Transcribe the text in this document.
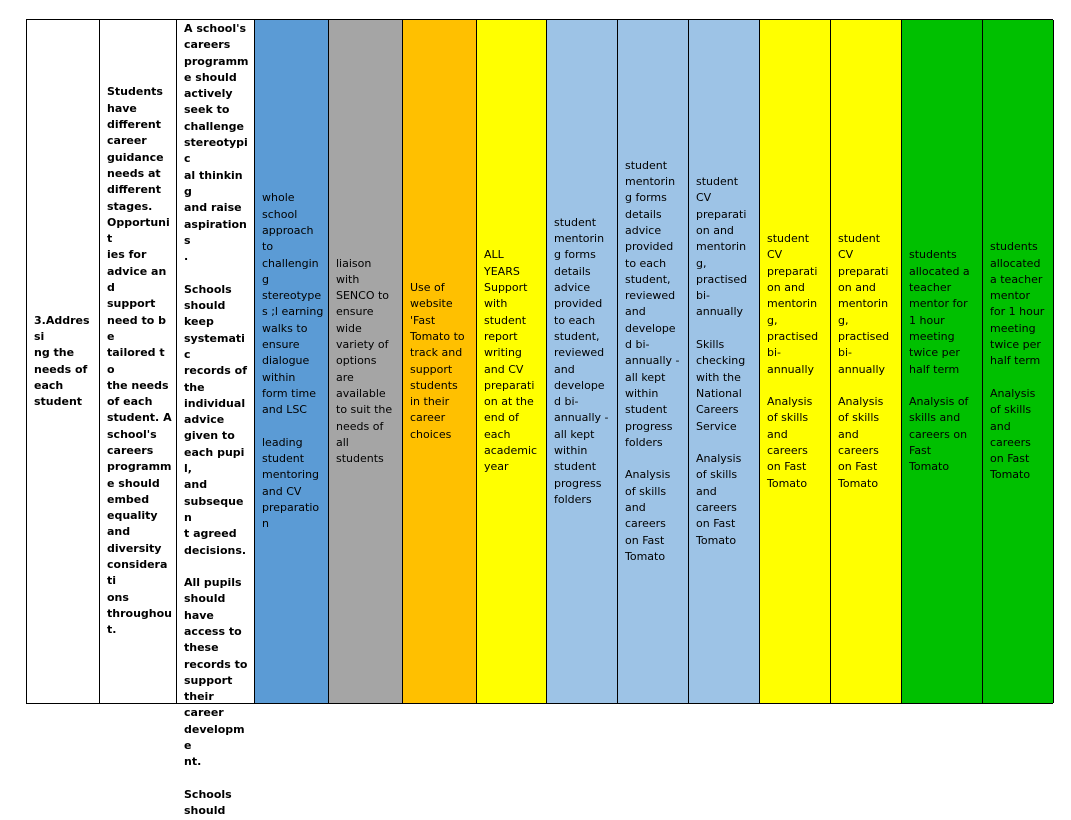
3.Addressi
ng the
needs of
each
student
Students
have
different
career
guidance
needs at
different
stages.
Opportunit
ies for
advice and
support
need to be
tailored to
the needs
of each
student. A
school's
careers
programm
e should
embed
equality
and
diversity
considerati
ons
throughou
t.
A school's
careers
programm
e should
actively
seek to
challenge
stereotypic
al thinking
and raise
aspirations
.

Schools
should
keep
systematic
records of
the
individual
advice
given to
each pupil,
and
subsequen
t agreed
decisions.

All pupils
should
have
access to
these
records to
support
their
career
developme
nt.

Schools
should
whole
school
approach
to
challengin
g
stereotype
s ;l earning
walks to
ensure
dialogue
within
form time
and LSC

leading
student
mentoring
and CV
preparatio
n
liaison
with
SENCO to
ensure
wide
variety of
options
are
available
to suit the
needs of
all
students
Use of
website
'Fast
Tomato to
track and
support
students
in their
career
choices
ALL
YEARS
Support
with
student
report
writing
and CV
preparati
on at the
end of
each
academic
year
student
mentorin
g forms
details
advice
provided
to each
student,
reviewed
and
develope
d bi-
annually -
all kept
within
student
progress
folders
student
mentorin
g forms
details
advice
provided
to each
student,
reviewed
and
develope
d bi-
annually -
all kept
within
student
progress
folders

Analysis
of skills
and
careers
on Fast
Tomato
student
CV
preparati
on and
mentorin
g,
practised
bi-
annually

Skills
checking
with the
National
Careers
Service

Analysis
of skills
and
careers
on Fast
Tomato
student
CV
preparati
on and
mentorin
g,
practised
bi-
annually

Analysis
of skills
and
careers
on Fast
Tomato
student
CV
preparati
on and
mentorin
g,
practised
bi-
annually

Analysis
of skills
and
careers
on Fast
Tomato
students
allocated a
teacher
mentor for
1 hour
meeting
twice per
half term

Analysis of
skills and
careers on
Fast
Tomato
students
allocated
a teacher
mentor
for 1 hour
meeting
twice per
half term

Analysis
of skills
and
careers
on Fast
Tomato
